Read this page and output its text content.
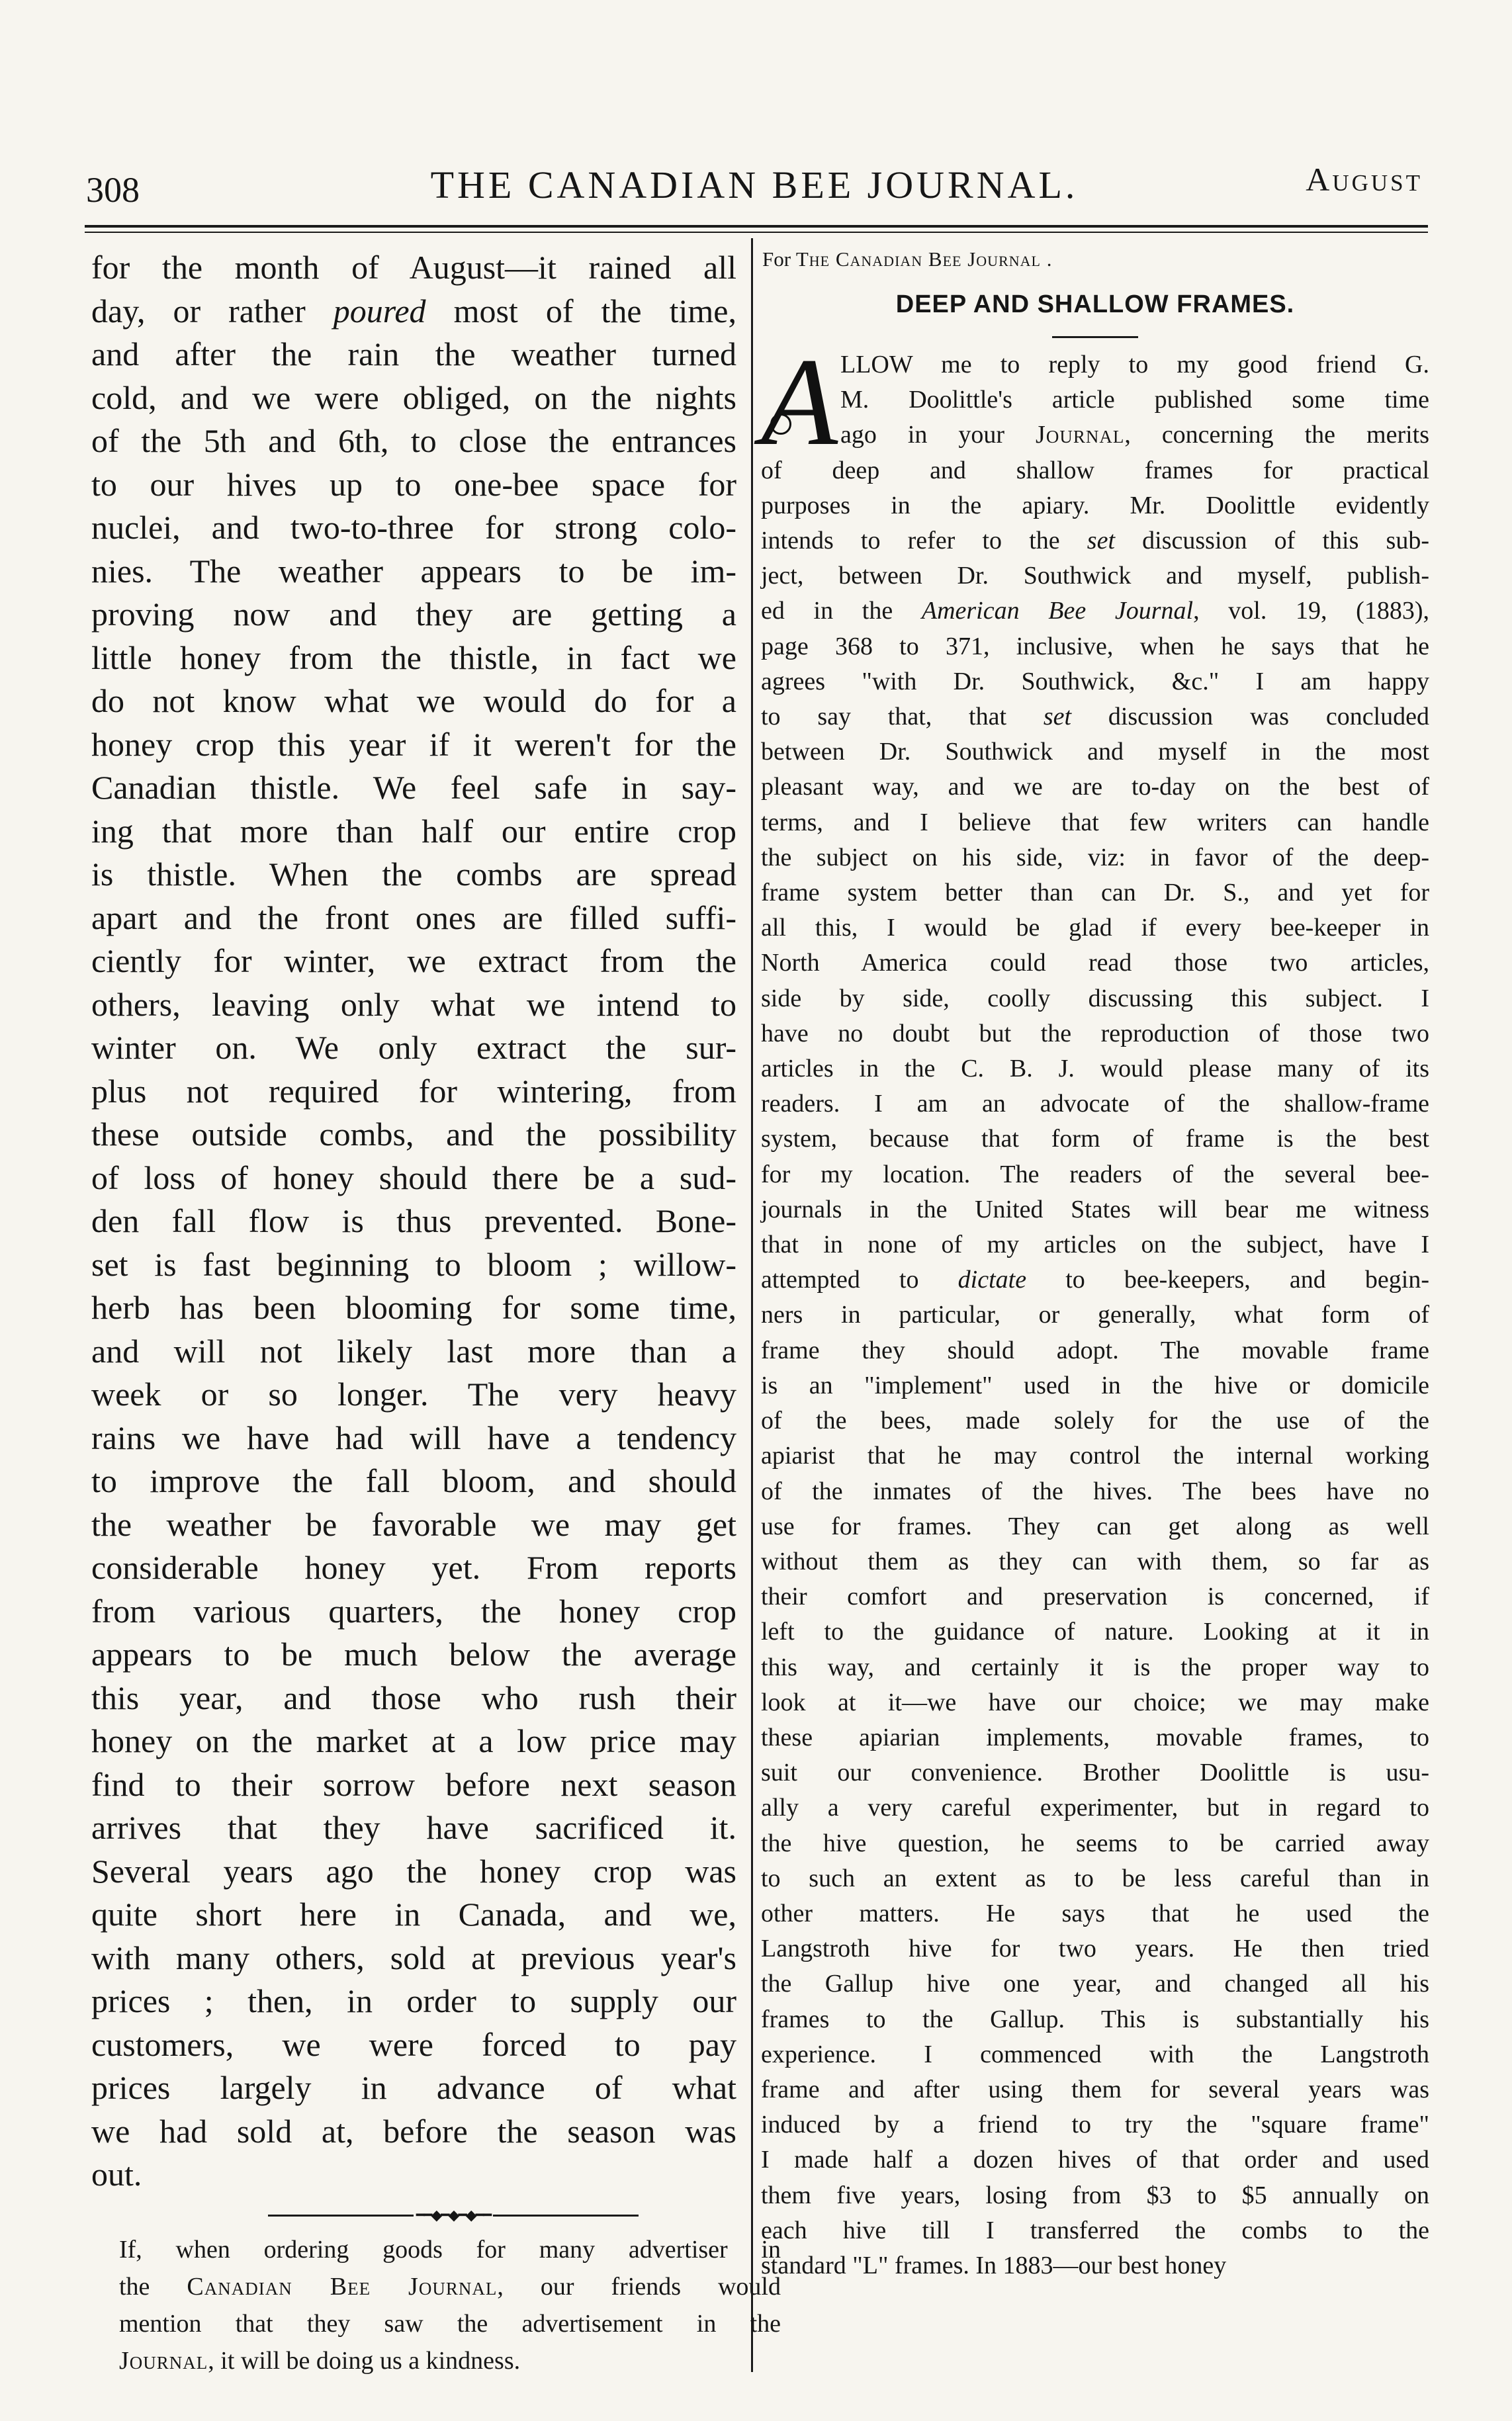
308	THE CANADIAN BEE JOURNAL.	August
for the month of August—it rained all
day, or rather poured most of the time,
and after the rain the weather turned
cold, and we were obliged, on the nights
of the 5th and 6th, to close the entrances
to our hives up to one-bee space for
nuclei, and two-to-three for strong colo-
nies. The weather appears to be im-
proving now and they are getting a
little honey from the thistle, in fact we
do not know what we would do for a
honey crop this year if it weren't for the
Canadian thistle. We feel safe in say-
ing that more than half our entire crop
is thistle. When the combs are spread
apart and the front ones are filled suffi-
ciently for winter, we extract from the
others, leaving only what we intend to
winter on. We only extract the sur-
plus not required for wintering, from
these outside combs, and the possibility
of loss of honey should there be a sud-
den fall flow is thus prevented. Bone-
set is fast beginning to bloom ; willow-
herb has been blooming for some time,
and will not likely last more than a
week or so longer. The very heavy
rains we have had will have a tendency
to improve the fall bloom, and should
the weather be favorable we may get
considerable honey yet. From reports
from various quarters, the honey crop
appears to be much below the average
this year, and those who rush their
honey on the market at a low price may
find to their sorrow before next season
arrives that they have sacrificed it.
Several years ago the honey crop was
quite short here in Canada, and we,
with many others, sold at previous year's
prices ; then, in order to supply our
customers, we were forced to pay
prices largely in advance of what
we had sold at, before the season was
out.
━━◆━◆━◆━━
If, when ordering goods for many advertiser in
the Canadian Bee Journal, our friends would
mention that they saw the advertisement in the
Journal, it will be doing us a kindness.
For The Canadian Bee Journal .
DEEP AND SHALLOW FRAMES.
A LLOW me to reply to my good friend G.
M. Doolittle's article published some time
ago in your Journal, concerning the merits
of deep and shallow frames for practical
purposes in the apiary. Mr. Doolittle evidently
intends to refer to the set discussion of this sub-
ject, between Dr. Southwick and myself, publish-
ed in the American Bee Journal, vol. 19, (1883),
page 368 to 371, inclusive, when he says that he
agrees "with Dr. Southwick, &c." I am happy
to say that, that set discussion was concluded
between Dr. Southwick and myself in the most
pleasant way, and we are to-day on the best of
terms, and I believe that few writers can handle
the subject on his side, viz: in favor of the deep-
frame system better than can Dr. S., and yet for
all this, I would be glad if every bee-keeper in
North America could read those two articles,
side by side, coolly discussing this subject. I
have no doubt but the reproduction of those two
articles in the C. B. J. would please many of its
readers. I am an advocate of the shallow-frame
system, because that form of frame is the best
for my location. The readers of the several bee-
journals in the United States will bear me witness
that in none of my articles on the subject, have I
attempted to dictate to bee-keepers, and begin-
ners in particular, or generally, what form of
frame they should adopt. The movable frame
is an "implement" used in the hive or domicile
of the bees, made solely for the use of the
apiarist that he may control the internal working
of the inmates of the hives. The bees have no
use for frames. They can get along as well
without them as they can with them, so far as
their comfort and preservation is concerned, if
left to the guidance of nature. Looking at it in
this way, and certainly it is the proper way to
look at it—we have our choice; we may make
these apiarian implements, movable frames, to
suit our convenience. Brother Doolittle is usu-
ally a very careful experimenter, but in regard to
the hive question, he seems to be carried away
to such an extent as to be less careful than in
other matters. He says that he used the
Langstroth hive for two years. He then tried
the Gallup hive one year, and changed all his
frames to the Gallup. This is substantially his
experience. I commenced with the Langstroth
frame and after using them for several years was
induced by a friend to try the "square frame"
I made half a dozen hives of that order and used
them five years, losing from $3 to $5 annually on
each hive till I transferred the combs to the
standard "L" frames. In 1883—our best honey
